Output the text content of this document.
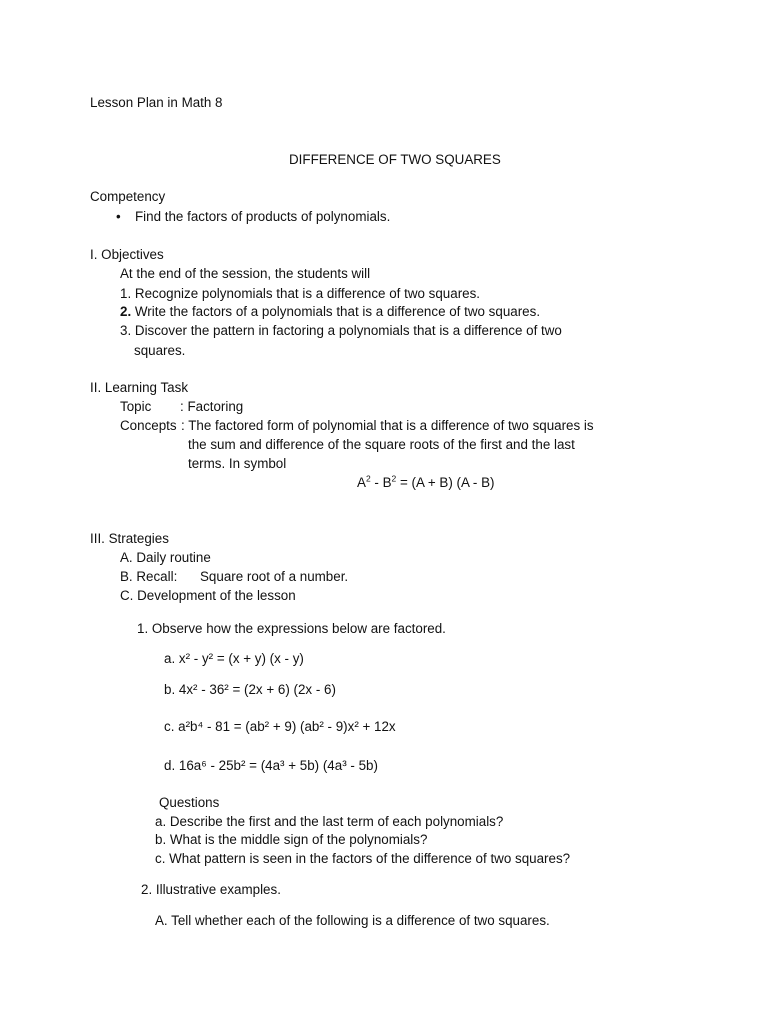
Lesson Plan in Math 8
DIFFERENCE OF TWO SQUARES
Competency
• Find the factors of products of polynomials.
I. Objectives
At the end of the session, the students will
1. Recognize polynomials that is a difference of two squares.
2. Write the factors of a polynomials that is a difference of two squares.
3. Discover the pattern in factoring a polynomials that is a difference of two
squares.
II. Learning Task
Topic : Factoring
Concepts : The factored form of polynomial that is a difference of two squares is
the sum and difference of the square roots of the first and the last
terms. In symbol
$A^2 - B^2 = (A + B)$ (A - B)
III. Strategies
A. Daily routine
B. Recall: Square root of a number.
C. Development of the lesson
1. Observe how the expressions below are factored.
a. x² - y² = (x + y) (x - y)
b. 4x² - 36² = (2x + 6) (2x - 6)
c. a²b⁴ - 81 = (ab² + 9) (ab² - 9)x² + 12x
d. 16a⁶ - 25b² = (4a³ + 5b) (4a³ - 5b)
Questions
a. Describe the first and the last term of each polynomials?
b. What is the middle sign of the polynomials?
c. What pattern is seen in the factors of the difference of two squares?
2. Illustrative examples.
A. Tell whether each of the following is a difference of two squares.
